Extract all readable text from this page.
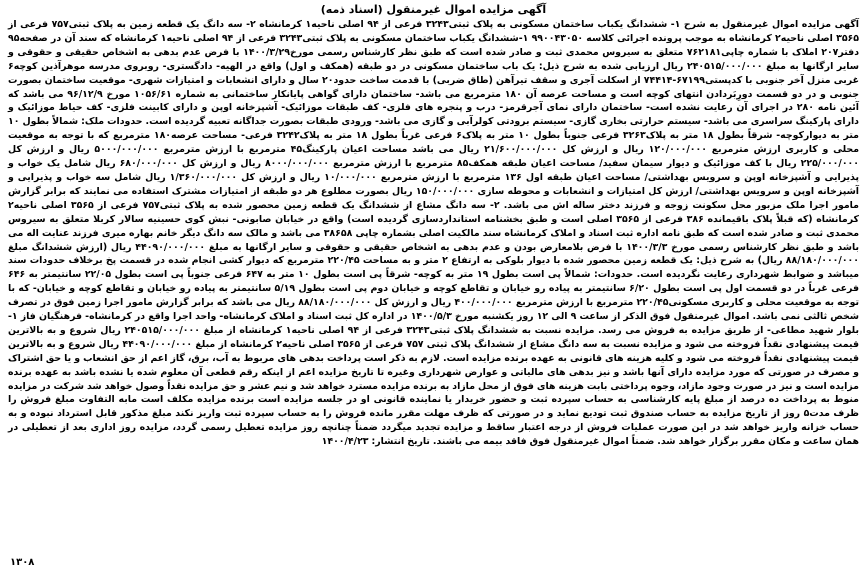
آگهی مزایده اموال غیرمنقول (اسناد ذمه)

آگهی مزایده اموال غیرمنقول به شرح ۱- ششدانگ یکباب ساختمان مسکونی به پلاک ثبتی۳۲۴۳ فرعی از ۹۴ اصلی ناحیه۱ کرمانشاه ۲- سه دانگ یک قطعه زمین به پلاک ثبتی۷۵۷ فرعی از ۳۵۶۵ اصلی ناحیه۲ کرمانشاه به موجب پرونده اجرائی کلاسه ۹۹۰۰۴۳۰۵۰ ۱-ششدانگ یکباب ساختمان مسکونی به پلاک ثبتی۳۲۴۳ فرعی از ۹۴ اصلی ناحیه۱ کرمانشاه که سند آن در صفحه۹۵ دفتر۲۰۷ املاک با شماره چاپی۷۶۲۱۸۱ متعلق به سیروس محمدی ثبت و صادر شده است که طبق نظر کارشناس رسمی مورخ۱۴۰۰/۳/۲۹ با فرض عدم بدهی به اشخاص حقیقی و حقوقی و سایر ارگانها به مبلغ ۲۴۰۵۱۵/۰۰۰/۰۰۰ ریال ارزیابی شده به شرح ذیل: یک باب ساختمان مسکونی در دو طبقه (همکف و اول) واقع در الهیه- دادگستری- روبروی مدرسه موهرآذین کوچه۶ غربی منزل آخر جنوبی با کدپستی۶۷۱۹۹-۷۴۴۱۴ از اسکلت آجری و سقف تیرآهن (طاق ضربی) با قدمت ساخت حدود۲۰ سال و دارای انشعابات و امتیازات شهری- موقعیت ساختمان بصورت جنوبی و در دو قسمت دورِبَردادن انتهای کوچه است و مساحت عرصه آن ۱۸۰ مترمربع می باشد- ساختمان دارای گواهی پایانکار ساختمانی به شماره ۱۰۵۶/۶۱ مورخ ۹۶/۱۲/۹ می باشد که آئین نامه ۲۸۰ در اجرای آن رعایت نشده است- ساختمان دارای نمای آجرقرمز- درب و پنجره های فلزی- کف طبقات موزائیک- آشپزخانه اوپن و دارای کابینت فلزی- کف حیاط موزائیک و دارای پارکینگ سراسری می باشد- سیستم حرارتی بخاری گازی- سیستم برودتی کولرآبی و گازی می باشد- ورودی طبقات بصورت جداگانه تعبیه گردیده است. حدودات ملک: شمالاً بطول ۱۰ متر به دیوارکوچه- شرقاً بطول ۱۸ متر به پلاک۳۲۶۳ فرعی جنوباً بطول ۱۰ متر به پلاک۶ فرعی غرباً بطول ۱۸ متر به پلاک۳۲۴۲ فرعی- مساحت عرصه۱۸۰ مترمربع که با توجه به موقعیت محلی و کاربری ارزش مترمربع ۱۲۰/۰۰۰/۰۰۰ ریال و ارزش کل ۲۱/۶۰۰/۰۰۰/۰۰۰ ریال می باشد مساحت اعیان پارکینگ۴۵ مترمربع با ارزش مترمربع ۵۰۰۰/۰۰۰/۰۰۰ ریال و ارزش کل ۲۲۵/۰۰۰/۰۰۰ ریال با کف موزائیک و دیوار سیمان سفید/ مساحت اعیان طبقه همکف۸۵ مترمربع با ارزش مترمربع ۸۰۰۰/۰۰۰/۰۰۰ ریال و ارزش کل ۶۸۰/۰۰۰/۰۰۰ ریال شامل یک خواب و پذیرایی و آشپزخانه اوپن و سرویس بهداشتی/ مساحت اعیان طبقه اول ۱۳۶ مترمربع با ارزش مترمربع ۱۰/۰۰۰/۰۰۰ ریال و ارزش کل ۱/۳۶۰/۰۰۰/۰۰۰ ریال شامل سه خواب و پذیرایی و آشپزخانه اوپن و سرویس بهداشتی/ ارزش کل امتیازات و انشعابات و محوطه سازی ۱۵۰/۰۰۰/۰۰۰ ریال بصورت مطلوع هر دو طبقه از امتیازات مشترک استفاده می نمایند که برابر گزارش مامور اجرا ملک مزبور محل سکونت زوجه و فرزند دختر ساله اش می باشد. ۲- سه دانگ مشاع از ششدانگ یک قطعه زمین محصور شده به پلاک ثبتی۷۵۷ فرعی از ۳۵۶۵ اصلی ناحیه۲ کرمانشاه (که قبلاً پلاک باقیمانده ۳۸۶ فرعی از ۳۵۶۵ اصلی است و طبق بخشنامه استانداردسازی گردیده است) واقع در خیابان صابونی- نبش کوی حسینیه سالار کربلا متعلق به سیروس محمدی ثبت و صادر شده است که طبق نامه اداره ثبت اسناد و املاک کرمانشاه سند مالکیت اصلی بشماره چاپی ۳۸۶۵۸ می باشد و مالک سه دانگ دیگر خانم بهاره میری فرزند عنایت اله می باشد و طبق نظر کارشناس رسمی مورخ ۱۴۰۰/۳/۳ با فرض بلامعارض بودن و عدم بدهی به اشخاص حقیقی و حقوقی و سایر ارگانها به مبلغ ۴۴۰۹۰/۰۰۰/۰۰۰ ریال (ارزش ششدانگ مبلغ ۸۸/۱۸۰/۰۰۰/۰۰۰ ریال) به شرح ذیل: یک قطعه زمین محصور شده با دیوار بلوکی به ارتفاع ۲ متر و به مساحت ۲۲۰/۴۵ مترمربع که دیوار کشی انجام شده در قسمت پخ برخلاف حدودات سند میباشد و ضوابط شهرداری رعایت نگردیده است. حدودات: شمالاً پی است بطول ۱۹ متر به کوچه- شرقاً پی است بطول ۱۰ متر به ۶۴۷ فرعی جنوباً پی است بطول ۲۲/۰۵ سانتیمتر به ۶۴۶ فرعی غرباً در دو قسمت اول پی است بطول ۶/۲۰ سانتیمتر به پیاده رو خیابان و تقاطع کوچه و خیابان دوم پی است بطول ۵/۱۹ سانتیمتر به پیاده رو خیابان و تقاطع کوچه و خیابان- که با توجه به موقعیت محلی و کاربری مسکونی۲۲۰/۴۵ مترمربع با ارزش مترمربع ۴۰۰/۰۰۰/۰۰۰ ریال و ارزش کل ۸۸/۱۸۰/۰۰۰/۰۰۰ ریال می باشد که برابر گزارش مامور اجرا زمین فوق در تصرف شخص ثالثی نمی باشد. اموال غیرمنقول فوق الذکر از ساعت ۹ الی ۱۲ روز یکشنبه مورخ ۱۴۰۰/۵/۳ در اداره کل ثبت اسناد و املاک کرمانشاه- واحد اجرا واقع در کرمانشاه- فرهنگیان فاز ۱- بلوار شهید مطاعی- از طریق مزایده به فروش می رسد. مزایده نسبت به ششدانگ پلاک ثبتی۳۲۴۳ فرعی از ۹۴ اصلی ناحیه۱ کرمانشاه از مبلغ ۲۴۰۵۱۵/۰۰۰/۰۰۰ ریال شروع و به بالاترین قیمت پیشنهادی نقداً فروخته می شود و مزایده نسبت به سه دانگ مشاع از ششدانگ پلاک ثبتی ۷۵۷ فرعی از ۳۵۶۵ اصلی ناحیه۲ کرمانشاه از مبلغ ۴۴۰۹۰/۰۰۰/۰۰۰ ریال شروع و به بالاترین قیمت پیشنهادی نقداً فروخته می شود و کلیه هزینه های قانونی به عهده برنده مزایده است. لازم به ذکر است پرداخت بدهی های مربوط به آب، برق، گاز اعم از حق انشعاب و یا حق اشتراک و مصرف در صورتی که مورد مزایده دارای آنها باشد و نیز بدهی های مالیاتی و عوارض شهرداری وغیره تا تاریخ مزایده اعم از اینکه رقم قطعی آن معلوم شده یا نشده باشد به عهده برنده مزایده است و نیز در صورت وجود مازاد، وجوه پرداختی بابت هزینه های فوق از محل مازاد به برنده مزایده مسترد خواهد شد و نیم عشر و حق مزایده نقداً وصول خواهد شد شرکت در مزایده منوط به پرداخت ده درصد از مبلغ پایه کارشناسی به حساب سپرده ثبت و حضور خریدار یا نماینده قانونی او در جلسه مزایده است برنده مزایده مکلف است مابه التفاوت مبلغ فروش را ظرف مدت۵ روز از تاریخ مزایده به حساب صندوق ثبت توديع نمايد و در صورتی که ظرف مهلت مقرر مانده فروش را به حساب سپرده ثبت واریز نکند مبلغ مذکور قابل استرداد نبوده و به حساب خزانه واریز خواهد شد در این صورت عملیات فروش از درجه اعتبار ساقط و مزایده تجدید میگردد ضمناً چنانچه روز مزایده تعطیل رسمی گردد، مزایده روز اداری بعد از تعطیلی در همان ساعت و مکان مقرر برگزار خواهد شد. ضمناً اموال غیرمنقول فوق فاقد بیمه می باشند. تاریخ انتشار: ۱۴۰۰/۴/۲۳

۱۳۰۸
